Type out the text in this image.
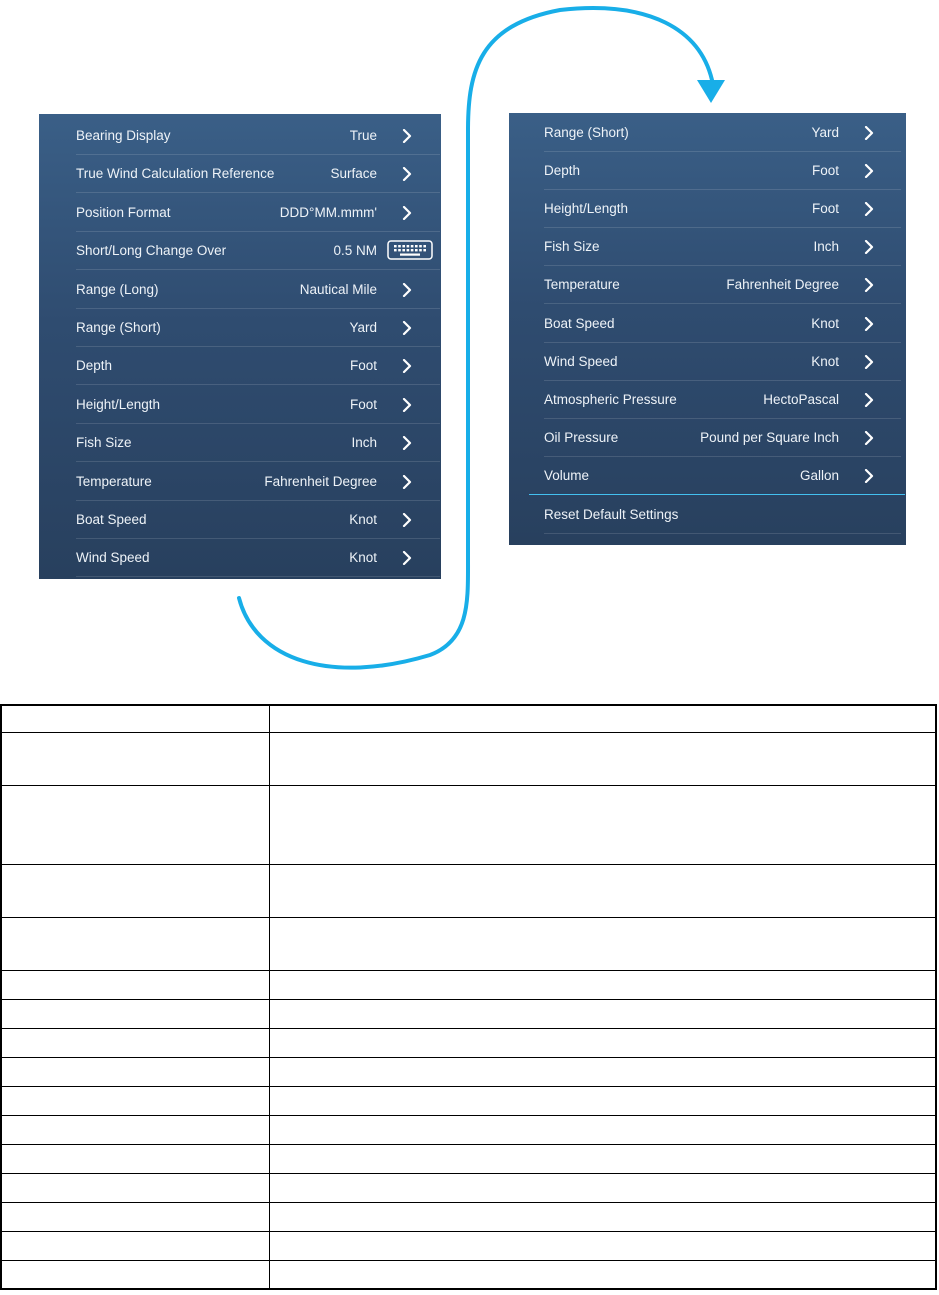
Bearing Display	True
True Wind Calculation Reference	Surface
Position Format	DDD°MM.mmm'
Short/Long Change Over	0.5 NM
Range (Long)	Nautical Mile
Range (Short)	Yard
Depth	Foot
Height/Length	Foot
Fish Size	Inch
Temperature	Fahrenheit Degree
Boat Speed	Knot
Wind Speed	Knot
Range (Short)	Yard
Depth	Foot
Height/Length	Foot
Fish Size	Inch
Temperature	Fahrenheit Degree
Boat Speed	Knot
Wind Speed	Knot
Atmospheric Pressure	HectoPascal
Oil Pressure	Pound per Square Inch
Volume	Gallon
Reset Default Settings
